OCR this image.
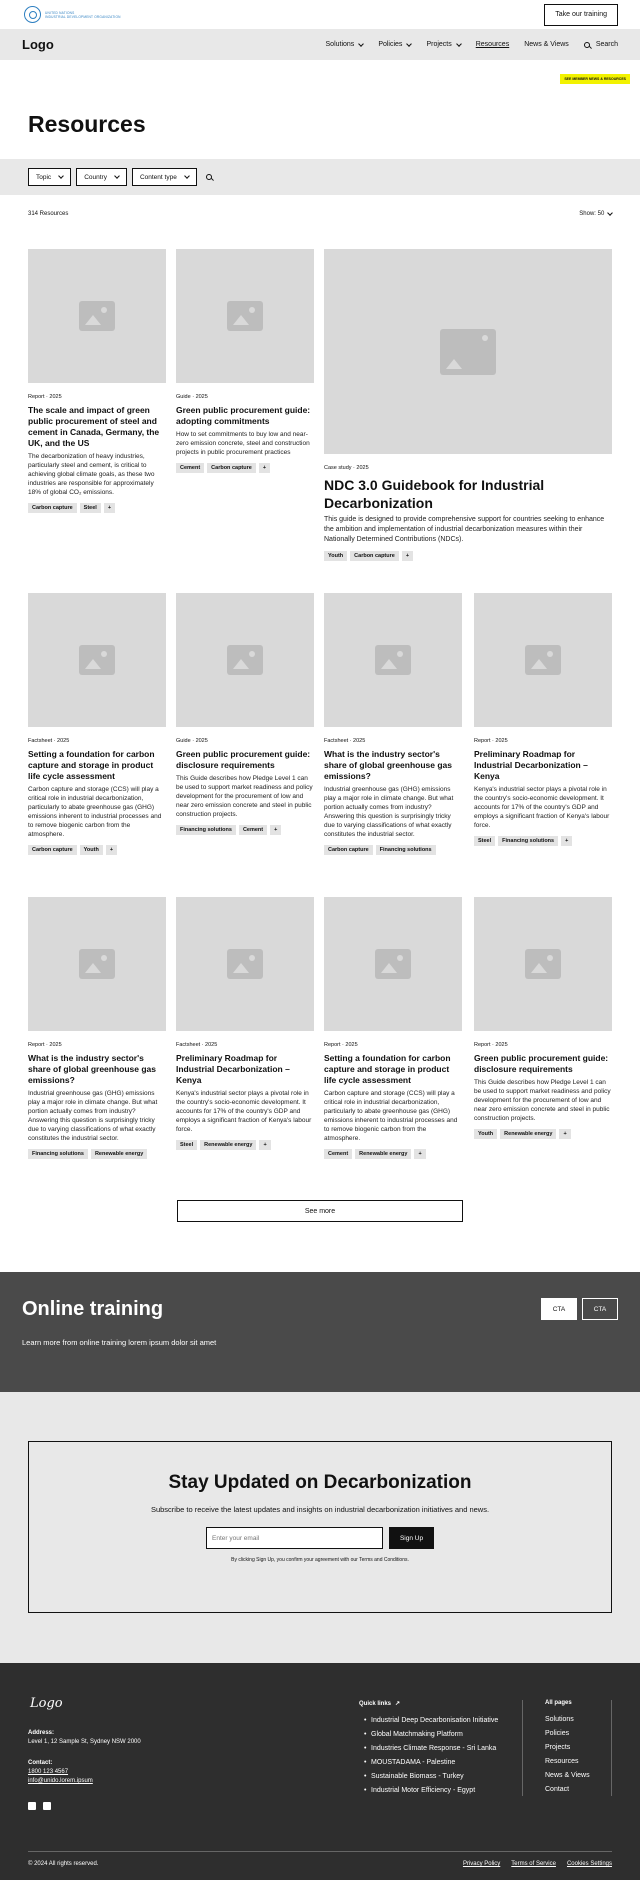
UNITED NATIONS
INDUSTRIAL DEVELOPMENT ORGANIZATION	Take our training
Logo	Solutions	Policies	Projects	Resources News & Views	Search
SEE MEMBER NEWS & RESOURCES
Resources
Topic	Country	Content type
314 Resources	Show: 50
Report · 2025
The scale and impact of green public procurement of steel and cement in Canada, Germany, the UK, and the US
The decarbonization of heavy industries, particularly steel and cement, is critical to achieving global climate goals, as these two industries are responsible for approximately 18% of global CO₂ emissions.
Carbon capture	Steel	+
Guide · 2025
Green public procurement guide: adopting commitments
How to set commitments to buy low and near-zero emission concrete, steel and construction projects in public procurement practices
Cement	Carbon capture	+	Case study · 2025
NDC 3.0 Guidebook for Industrial Decarbonization
This guide is designed to provide comprehensive support for countries seeking to enhance the ambition and implementation of industrial decarbonization measures within their Nationally Determined Contributions (NDCs).
Youth	Carbon capture	+
Factsheet · 2025
Setting a foundation for carbon capture and storage in product life cycle assessment
Carbon capture and storage (CCS) will play a critical role in industrial decarbonization, particularly to abate greenhouse gas (GHG) emissions inherent to industrial processes and to remove biogenic carbon from the atmosphere.
Carbon capture	Youth	+
Guide · 2025
Green public procurement guide: disclosure requirements
This Guide describes how Pledge Level 1 can be used to support market readiness and policy development for the procurement of low and near zero emission concrete and steel in public construction projects.
Financing solutions	Cement	+
Factsheet · 2025
What is the industry sector's share of global greenhouse gas emissions?
Industrial greenhouse gas (GHG) emissions play a major role in climate change. But what portion actually comes from industry? Answering this question is surprisingly tricky due to varying classifications of what exactly constitutes the industrial sector.
Carbon capture	Financing solutions
Report · 2025
Preliminary Roadmap for Industrial Decarbonization – Kenya
Kenya's industrial sector plays a pivotal role in the country's socio-economic development. It accounts for 17% of the country's GDP and employs a significant fraction of Kenya's labour force.
Steel	Financing solutions	+
Report · 2025
What is the industry sector's share of global greenhouse gas emissions?
Industrial greenhouse gas (GHG) emissions play a major role in climate change. But what portion actually comes from industry? Answering this question is surprisingly tricky due to varying classifications of what exactly constitutes the industrial sector.
Financing solutions	Renewable energy
Factsheet · 2025
Preliminary Roadmap for Industrial Decarbonization – Kenya
Kenya's industrial sector plays a pivotal role in the country's socio-economic development. It accounts for 17% of the country's GDP and employs a significant fraction of Kenya's labour force.
Steel	Renewable energy	+
Report · 2025
Setting a foundation for carbon capture and storage in product life cycle assessment
Carbon capture and storage (CCS) will play a critical role in industrial decarbonization, particularly to abate greenhouse gas (GHG) emissions inherent to industrial processes and to remove biogenic carbon from the atmosphere.
Cement	Renewable energy	+
Report · 2025
Green public procurement guide: disclosure requirements
This Guide describes how Pledge Level 1 can be used to support market readiness and policy development for the procurement of low and near zero emission concrete and steel in public construction projects.
Youth	Renewable energy	+
See more
Online training

Learn more from online training lorem ipsum dolor sit amet

CTA	CTA
Stay Updated on Decarbonization

Subscribe to receive the latest updates and insights on industrial decarbonization initiatives and news.

Enter your email	Sign Up

By clicking Sign Up, you confirm your agreement with our Terms and Conditions.

Logo
Address:
Level 1, 12 Sample St, Sydney NSW 2000
Contact:
1800 123 4567
info@unido.lorem.ipsum
Quick links ↗
• Industrial Deep Decarbonisation Initiative
• Global Matchmaking Platform
• Industries Climate Response - Sri Lanka
• MOUSTADAMA - Palestine
• Sustainable Biomass - Turkey
• Industrial Motor Efficiency - Egypt
All pages
Solutions
Policies
Projects
Resources
News & Views
Contact
© 2024 All rights reserved.	Privacy Policy Terms of Service Cookies Settings
